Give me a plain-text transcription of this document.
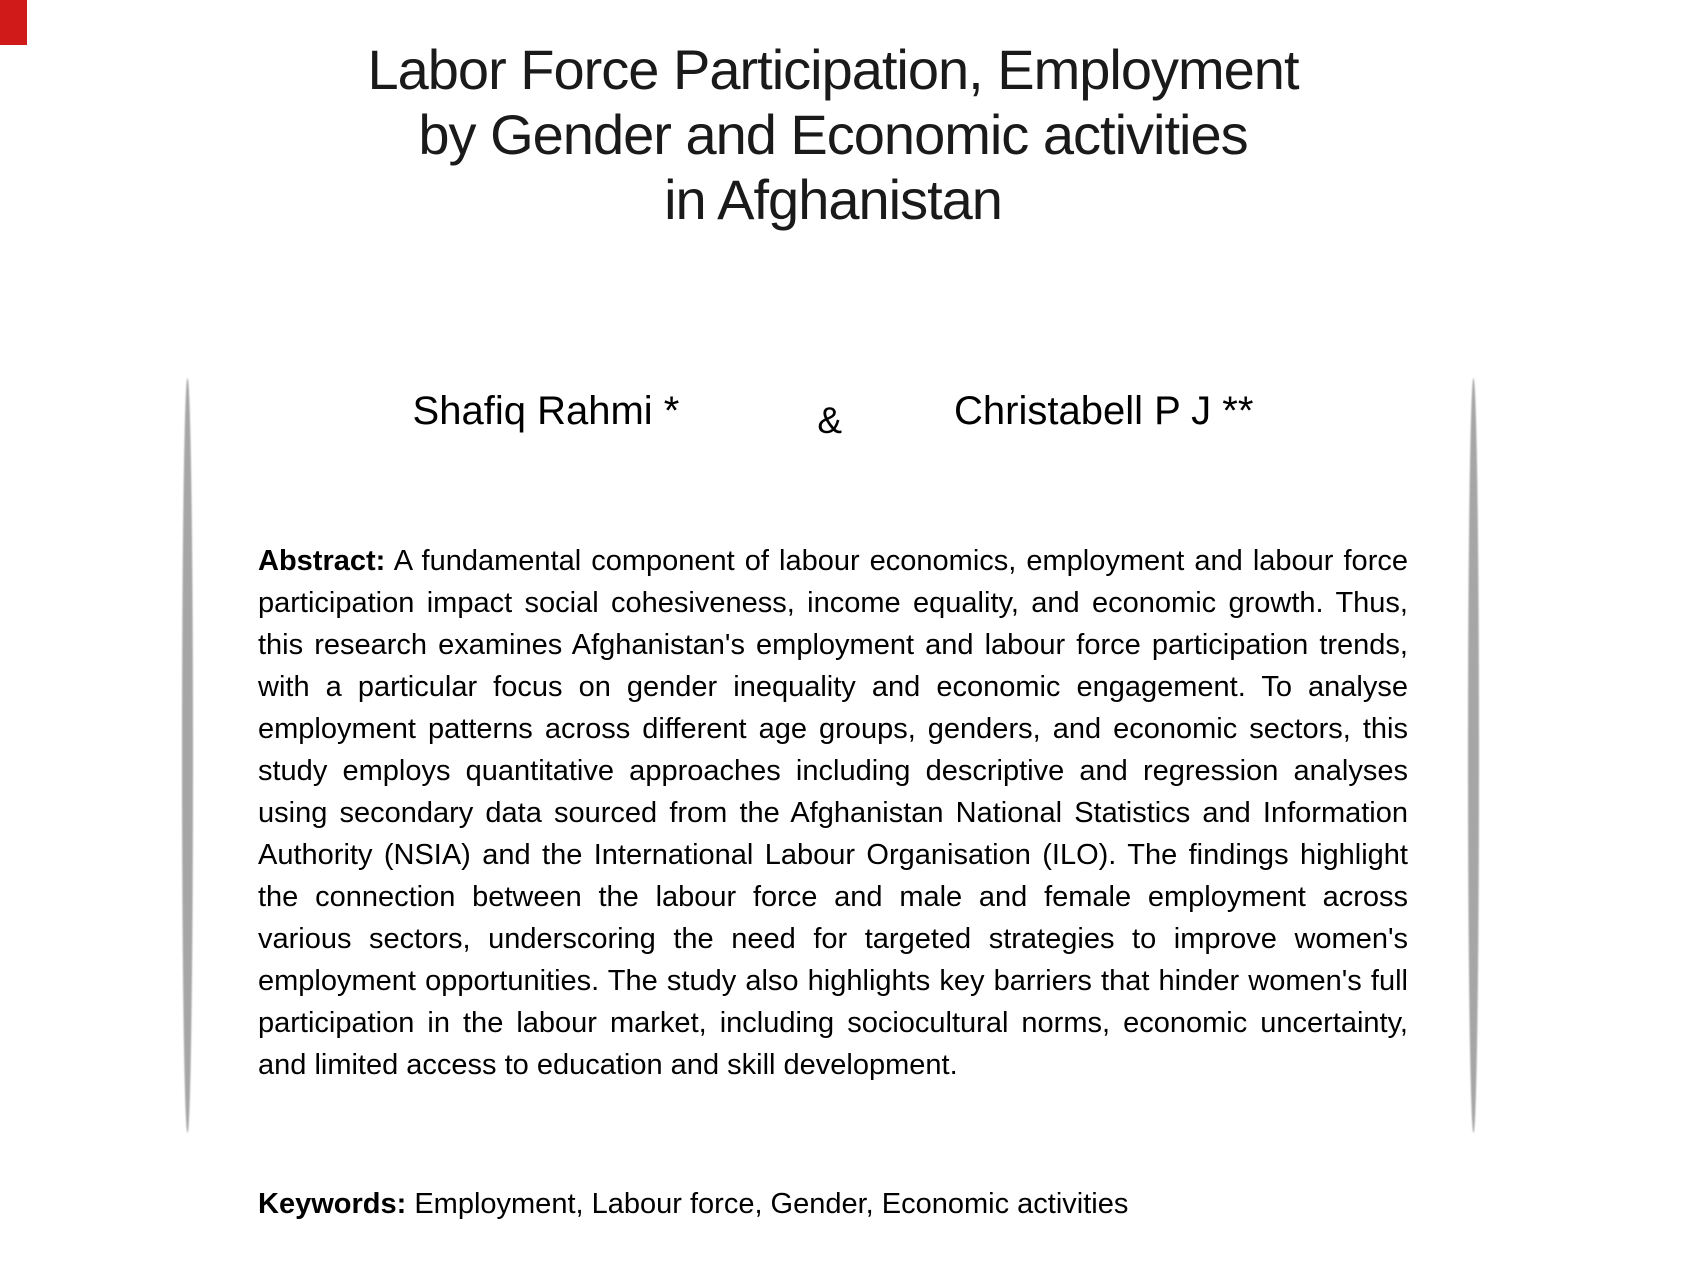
Labor Force Participation, Employment
by Gender and Economic activities
in Afghanistan
Shafiq Rahmi *	&	Christabell P J **

Abstract: A fundamental component of labour economics, employment and labour force participation impact social cohesiveness, income equality, and economic growth. Thus, this research examines Afghanistan's employment and labour force participation trends, with a particular focus on gender inequality and economic engagement. To analyse employment patterns across different age groups, genders, and economic sectors, this study employs quantitative approaches including descriptive and regression analyses using secondary data sourced from the Afghanistan National Statistics and Information Authority (NSIA) and the International Labour Organisation (ILO). The findings highlight the connection between the labour force and male and female employment across various sectors, underscoring the need for targeted strategies to improve women's employment opportunities. The study also highlights key barriers that hinder women's full participation in the labour market, including sociocultural norms, economic uncertainty, and limited access to education and skill development.

Keywords: Employment, Labour force, Gender, Economic activities
